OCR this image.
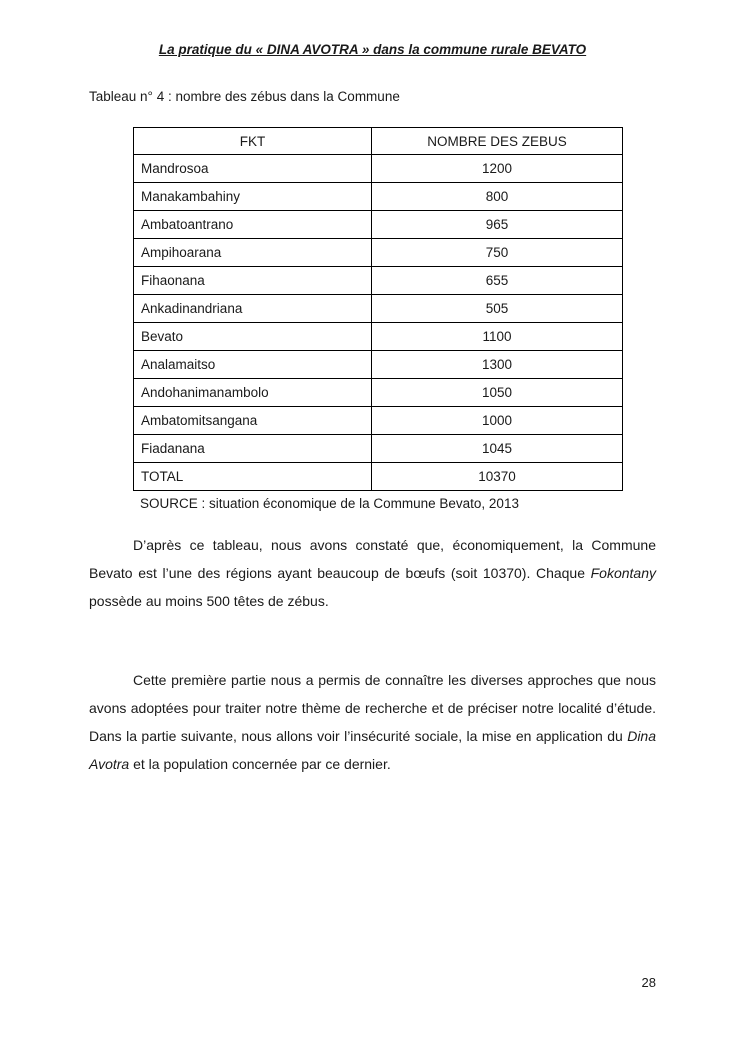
La pratique du « DINA AVOTRA » dans la commune rurale BEVATO
Tableau n° 4 : nombre des zébus dans la Commune
FKT	NOMBRE DES ZEBUS
Mandrosoa	1200
Manakambahiny	800
Ambatoantrano	965
Ampihoarana	750
Fihaonana	655
Ankadinandriana	505
Bevato	1100
Analamaitso	1300
Andohanimanambolo	1050
Ambatomitsangana	1000
Fiadanana	1045
TOTAL	10370
SOURCE : situation économique de la Commune Bevato, 2013

D’après ce tableau, nous avons constaté que, économiquement, la Commune Bevato est l’une des régions ayant beaucoup de bœufs (soit 10370). Chaque Fokontany possède au moins 500 têtes de zébus.

Cette première partie nous a permis de connaître les diverses approches que nous avons adoptées pour traiter notre thème de recherche et de préciser notre localité d’étude. Dans la partie suivante, nous allons voir l’insécurité sociale, la mise en application du Dina Avotra et la population concernée par ce dernier.

28
